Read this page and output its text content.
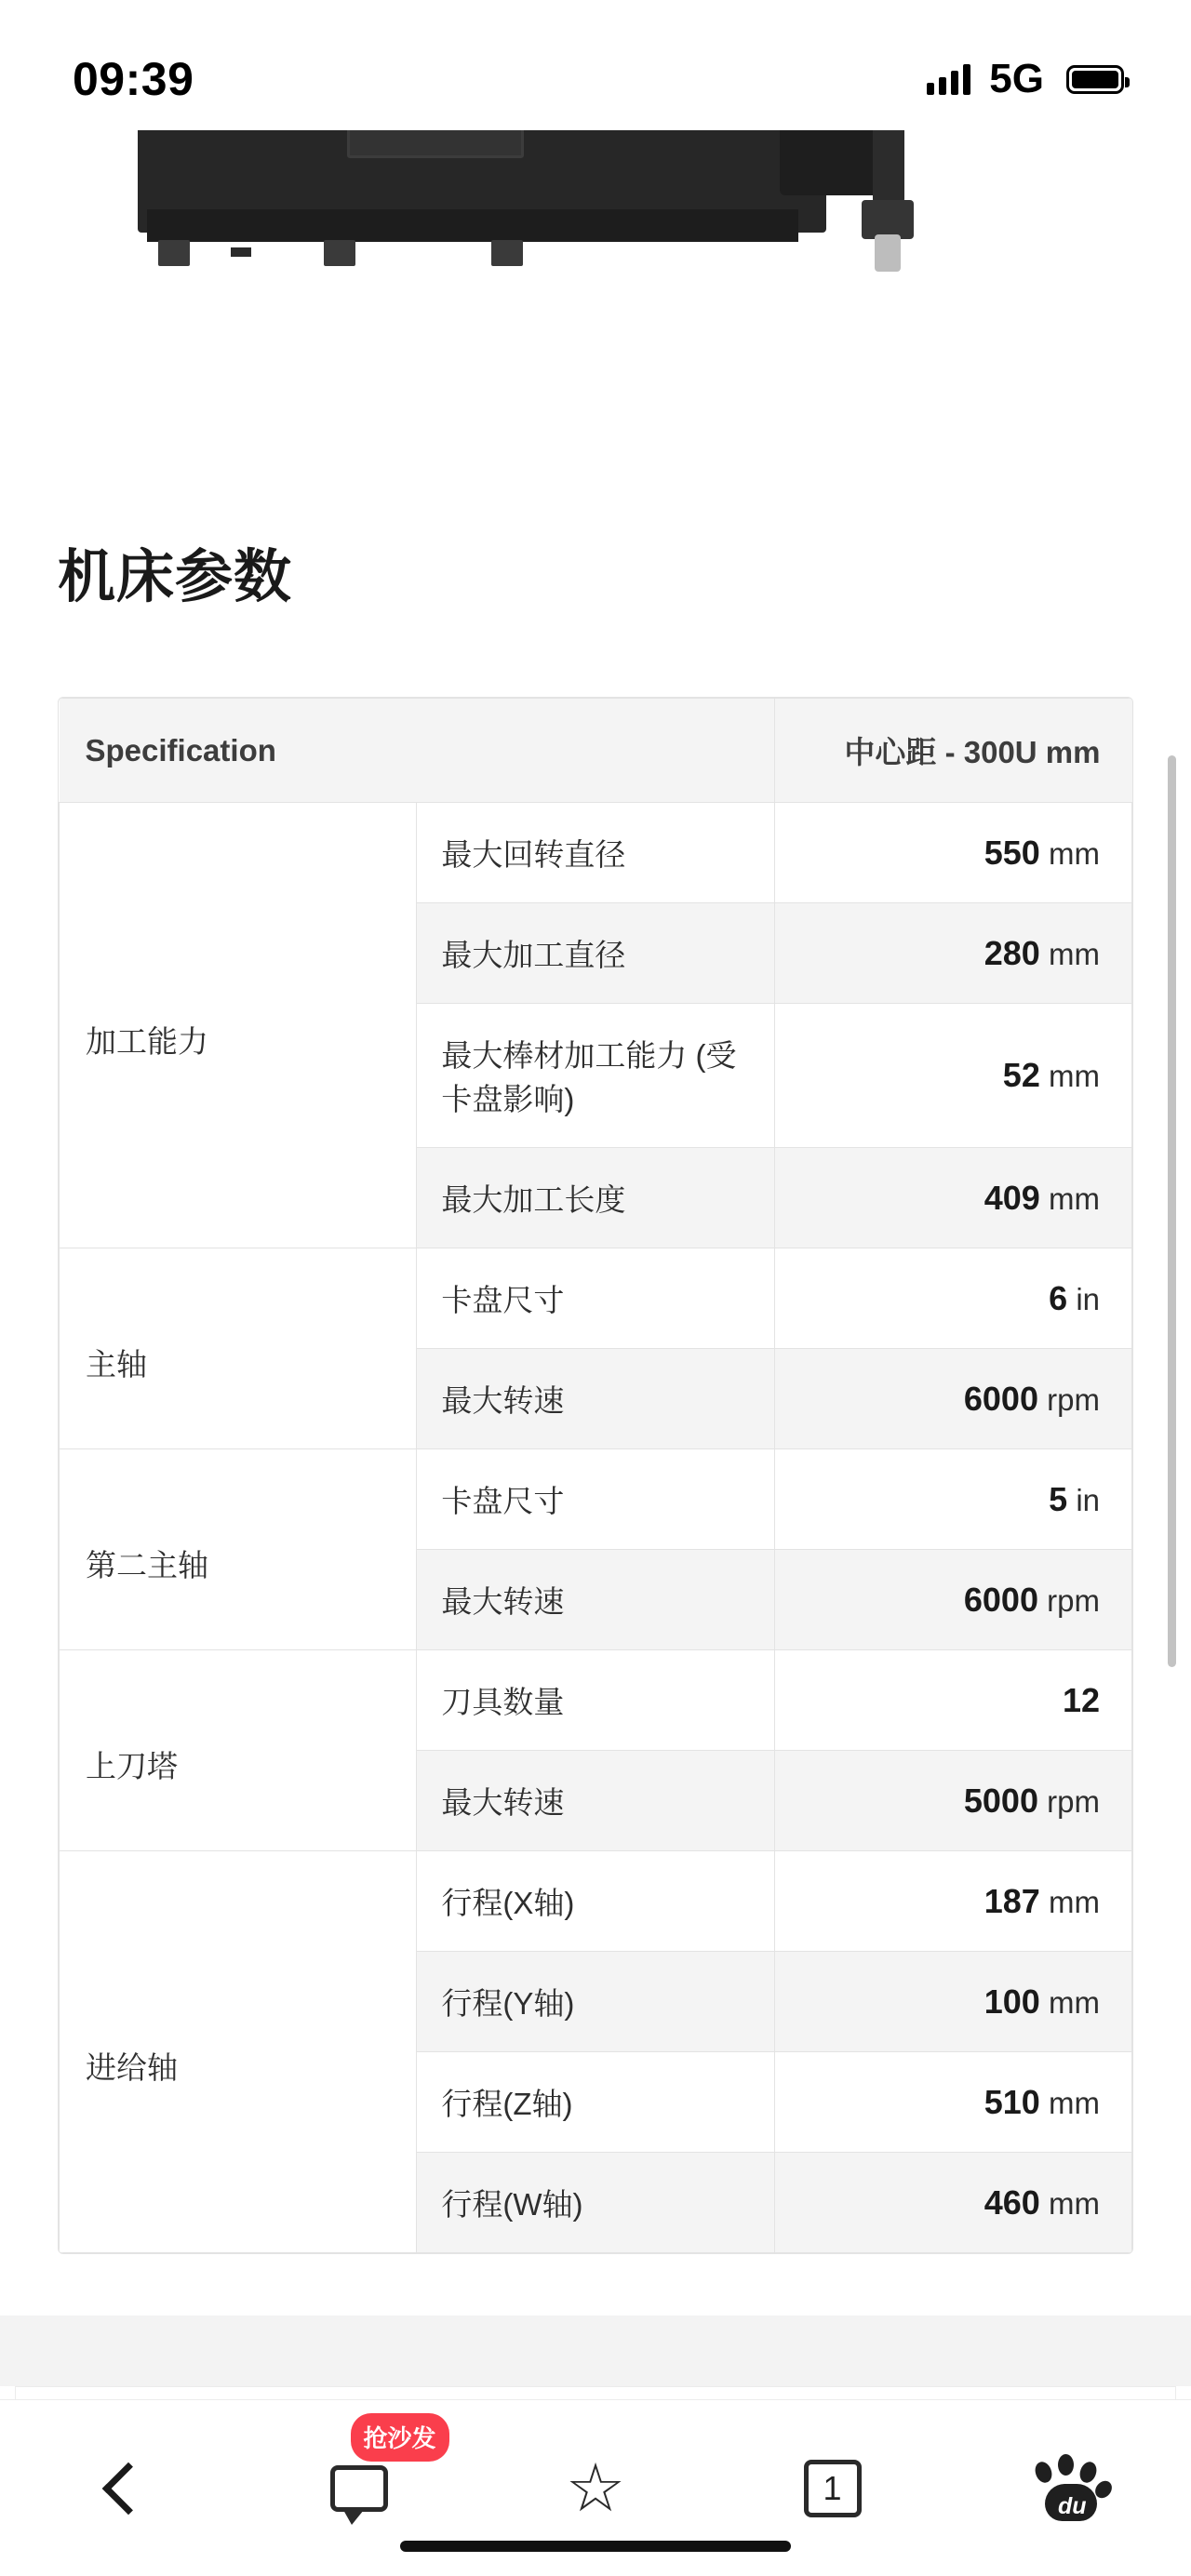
09:39	5G
机床参数
Specification		中心距 - 300U mm
加工能力	最大回转直径	550 mm
	最大加工直径	280 mm
	最大棒材加工能力 (受卡盘影响)	52 mm
	最大加工长度	409 mm
主轴	卡盘尺寸	6 in
	最大转速	6000 rpm
第二主轴	卡盘尺寸	5 in
	最大转速	6000 rpm
上刀塔	刀具数量	12
	最大转速	5000 rpm
进给轴	行程(X轴)	187 mm
	行程(Y轴)	100 mm
	行程(Z轴)	510 mm
	行程(W轴)	460 mm
抢沙发
☆	1	du
